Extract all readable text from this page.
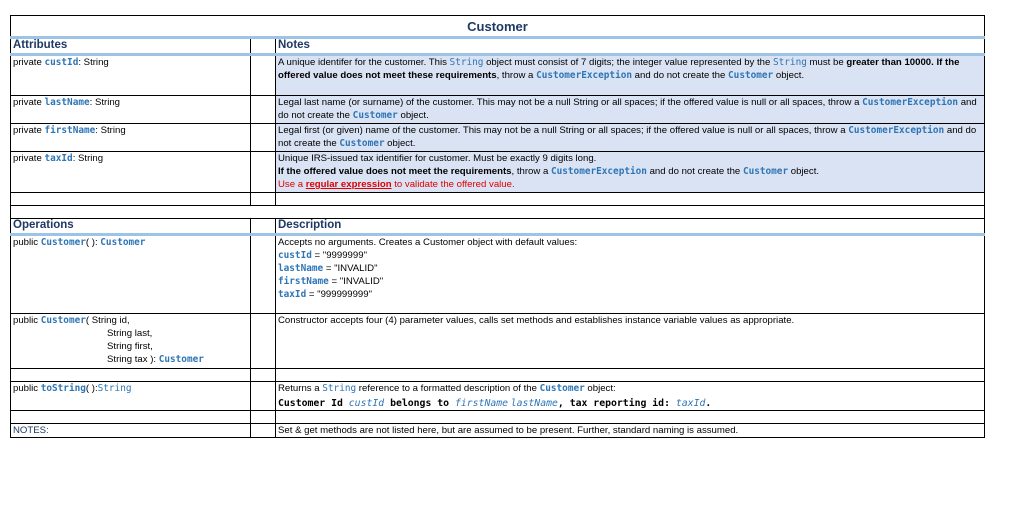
Customer		
Attributes		Notes
private custId: String		A unique identifer for the customer. This String object must consist of 7 digits; the integer value represented by the String must be greater than 10000. If the offered value does not meet these requirements, throw a CustomerException and do not create the Customer object.
private lastName: String		Legal last name (or surname) of the customer. This may not be a null String or all spaces; if the offered value is null or all spaces, throw a CustomerException and do not create the Customer object.
private firstName: String		Legal first (or given) name of the customer. This may not be a null String or all spaces; if the offered value is null or all spaces, throw a CustomerException and do not create the Customer object.
private taxId: String		Unique IRS-issued tax identifier for customer. Must be exactly 9 digits long.
If the offered value does not meet the requirements, throw a CustomerException and do not create the Customer object.
Use a regular expression to validate the offered value.

Operations		Description
public Customer( ): Customer		Accepts no arguments. Creates a Customer object with default values:
custId = "9999999"
lastName = "INVALID"
firstName = "INVALID"
taxId = "999999999"

public Customer( String id,
String last,
String first,
String tax ): Customer		Constructor accepts four (4) parameter values, calls set methods and establishes instance variable values as appropriate.

public toString( ):String		Returns a String reference to a formatted description of the Customer object:
Customer Id custId belongs to firstName lastName, tax reporting id: taxId.

NOTES:		Set & get methods are not listed here, but are assumed to be present. Further, standard naming is assumed.
